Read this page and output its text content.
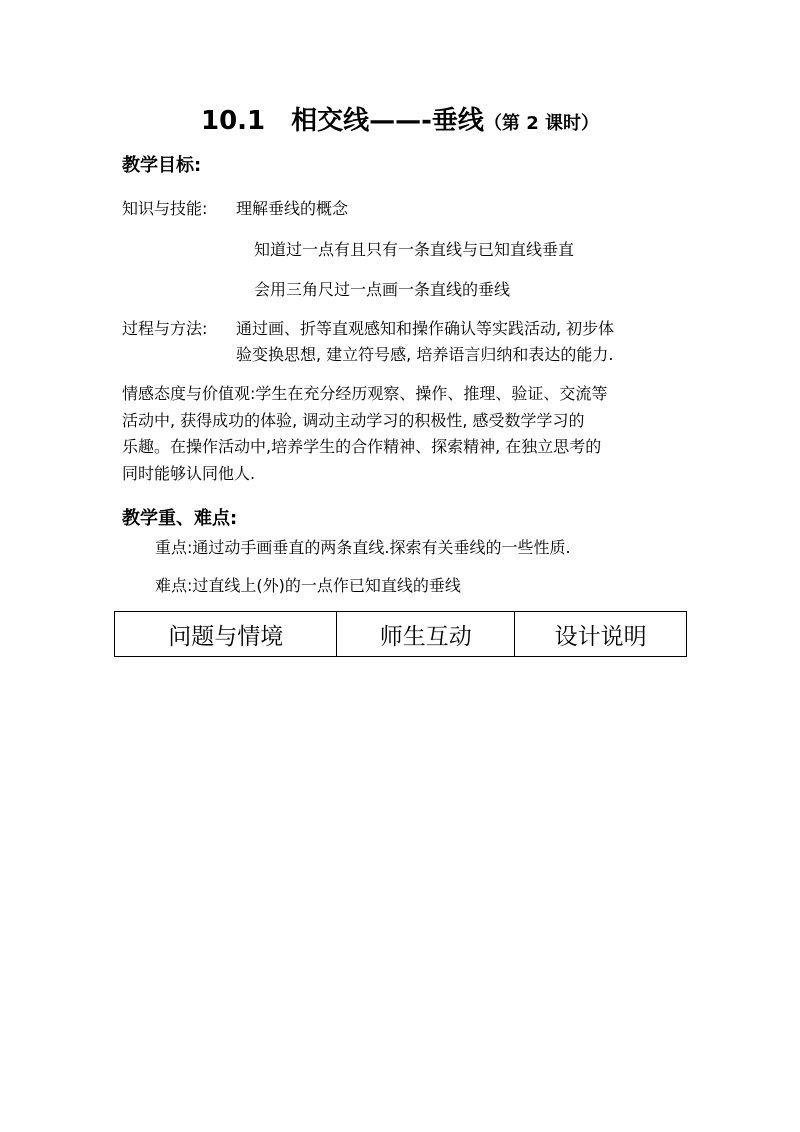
10.1　相交线——-垂线（第 2 课时）
教学目标:
知识与技能: 理解垂线的概念
知道过一点有且只有一条直线与已知直线垂直
会用三角尺过一点画一条直线的垂线
过程与方法: 通过画、折等直观感知和操作确认等实践活动, 初步体
验变换思想, 建立符号感, 培养语言归纳和表达的能力.
情感态度与价值观:学生在充分经历观察、操作、推理、验证、交流等
活动中, 获得成功的体验, 调动主动学习的积极性, 感受数学学习的
乐趣。在操作活动中,培养学生的合作精神、探索精神, 在独立思考的
同时能够认同他人.
教学重、难点:
重点:通过动手画垂直的两条直线.探索有关垂线的一些性质.
难点:过直线上(外)的一点作已知直线的垂线
问题与情境	师生互动	设计说明
